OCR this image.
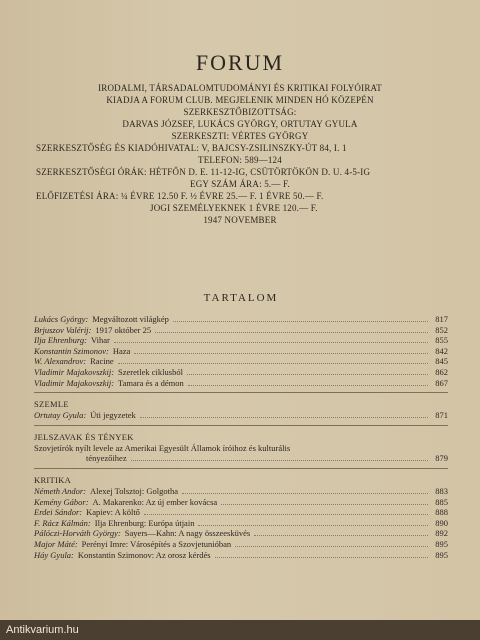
FORUM
IRODALMI, TÁRSADALOMTUDOMÁNYI ÉS KRITIKAI FOLYÓIRAT
KIADJA A FORUM CLUB. MEGJELENIK MINDEN HÓ KÖZEPÉN
SZERKESZTŐBIZOTTSÁG:
DARVAS JÓZSEF, LUKÁCS GYÖRGY, ORTUTAY GYULA
SZERKESZTI: VÉRTES GYÖRGY
SZERKESZTŐSÉG ÉS KIADÓHIVATAL: V, BAJCSY-ZSILINSZKY-ÚT 84, I. 1
TELEFON: 589—124
SZERKESZTŐSÉGI ÓRÁK: HÉTFŐN D. E. 11-12-IG, CSÜTÖRTÖKÖN D. U. 4-5-IG
EGY SZÁM ÁRA: 5.— F.
ELŐFIZETÉSI ÁRA: ¼ ÉVRE 12.50 F. ½ ÉVRE 25.— F. 1 ÉVRE 50.— F.
JOGI SZEMÉLYEKNEK 1 ÉVRE 120.— F.
1947 NOVEMBER
TARTALOM
Lukács György: Megváltozott világkép	817
Brjuszov Valérij: 1917 október 25	852
Ilja Ehrenburg: Vihar	855
Konstantin Szimonov: Haza	842
W. Alexandrov: Racine	845
Vladimir Majakovszkij: Szeretlek ciklusból	862
Vladimir Majakovszkij: Tamara és a démon	867
SZEMLE
Ortutay Gyula: Úti jegyzetek	871
JELSZAVAK ÉS TÉNYEK
Szovjetírók nyílt levele az Amerikai Egyesült Államok íróihoz és kulturális
tényezőihez	879
KRITIKA
Németh Andor: Alexej Tolsztoj: Golgotha	883
Kemény Gábor: A. Makarenko: Az új ember kovácsa	885
Erdei Sándor: Kapiev: A költő	888
F. Rácz Kálmán: Ilja Ehrenburg: Európa útjain	890
Pálóczi-Horváth György: Sayers—Kahn: A nagy összeesküvés	892
Major Máté: Perényi Imre: Városépítés a Szovjetunióban	895
Háy Gyula: Konstantin Szimonov: Az orosz kérdés	895
Antikvarium.hu
